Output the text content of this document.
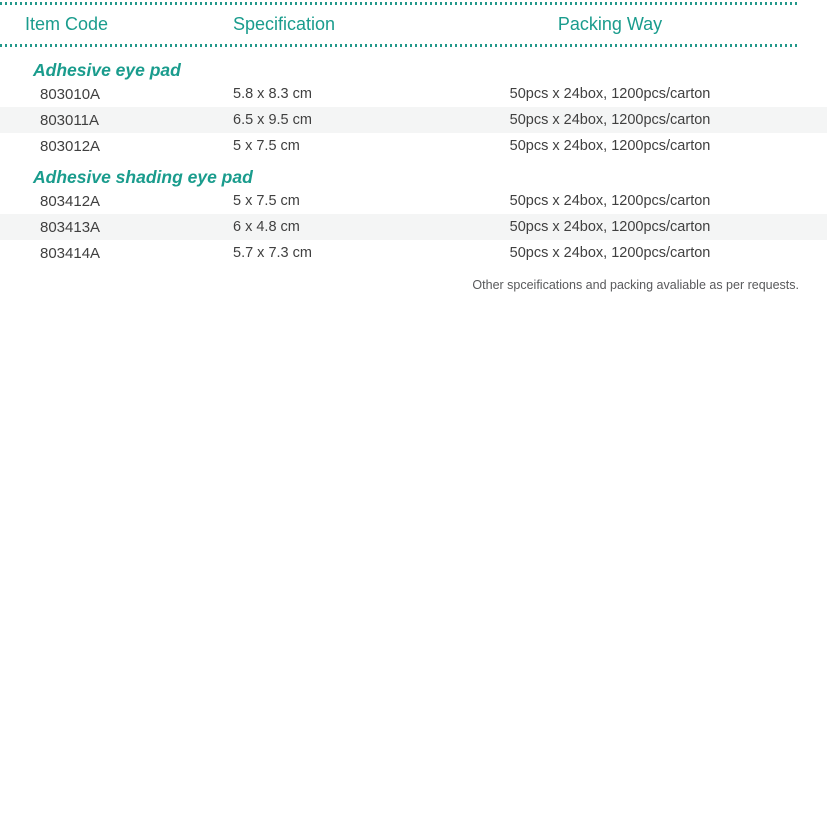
Item Code	Specification	Packing Way
Adhesive eye pad
803010A	5.8 x 8.3 cm	50pcs x 24box, 1200pcs/carton
803011A	6.5 x 9.5 cm	50pcs x 24box, 1200pcs/carton
803012A	5 x 7.5 cm	50pcs x 24box, 1200pcs/carton
Adhesive shading eye pad
803412A	5 x 7.5 cm	50pcs x 24box, 1200pcs/carton
803413A	6 x 4.8 cm	50pcs x 24box, 1200pcs/carton
803414A	5.7 x 7.3 cm	50pcs x 24box, 1200pcs/carton
Other spceifications and packing avaliable as per requests.
